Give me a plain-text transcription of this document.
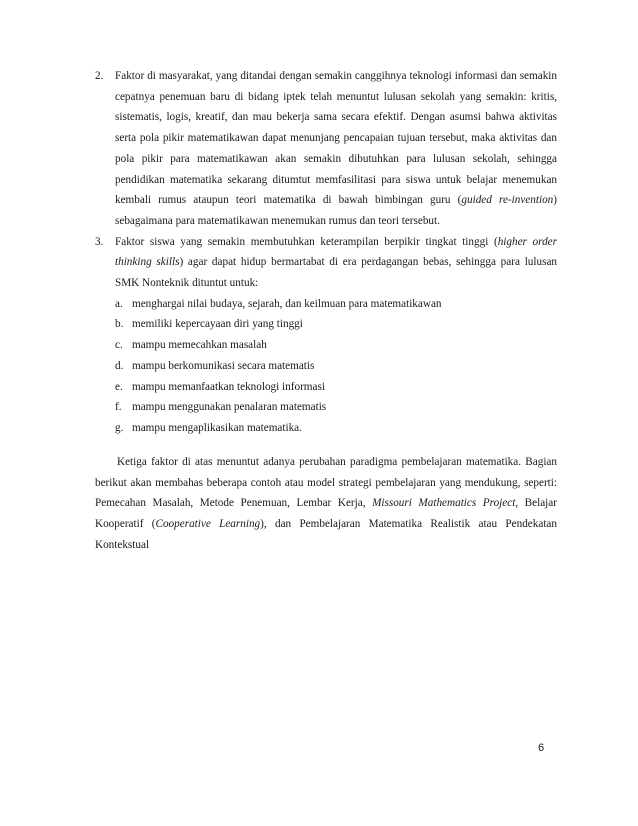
2. Faktor di masyarakat, yang ditandai dengan semakin canggihnya teknologi informasi dan semakin cepatnya penemuan baru di bidang iptek telah menuntut lulusan sekolah yang semakin: kritis, sistematis, logis, kreatif, dan mau bekerja sama secara efektif. Dengan asumsi bahwa aktivitas serta pola pikir matematikawan dapat menunjang pencapaian tujuan tersebut, maka aktivitas dan pola pikir para matematikawan akan semakin dibutuhkan para lulusan sekolah, sehingga pendidikan matematika sekarang ditumtut memfasilitasi para siswa untuk belajar menemukan kembali rumus ataupun teori matematika di bawah bimbingan guru (guided re-invention) sebagaimana para matematikawan menemukan rumus dan teori tersebut.
3. Faktor siswa yang semakin membutuhkan keterampilan berpikir tingkat tinggi (higher order thinking skills) agar dapat hidup bermartabat di era perdagangan bebas, sehingga para lulusan SMK Nonteknik dituntut untuk:
a. menghargai nilai budaya, sejarah, dan keilmuan para matematikawan
b. memiliki kepercayaan diri yang tinggi
c. mampu memecahkan masalah
d. mampu berkomunikasi secara matematis
e. mampu memanfaatkan teknologi informasi
f. mampu menggunakan penalaran matematis
g. mampu mengaplikasikan matematika.
Ketiga faktor di atas menuntut adanya perubahan paradigma pembelajaran matematika. Bagian berikut akan membahas beberapa contoh atau model strategi pembelajaran yang mendukung, seperti: Pemecahan Masalah, Metode Penemuan, Lembar Kerja, Missouri Mathematics Project, Belajar Kooperatif (Cooperative Learning), dan Pembelajaran Matematika Realistik atau Pendekatan Kontekstual
6
